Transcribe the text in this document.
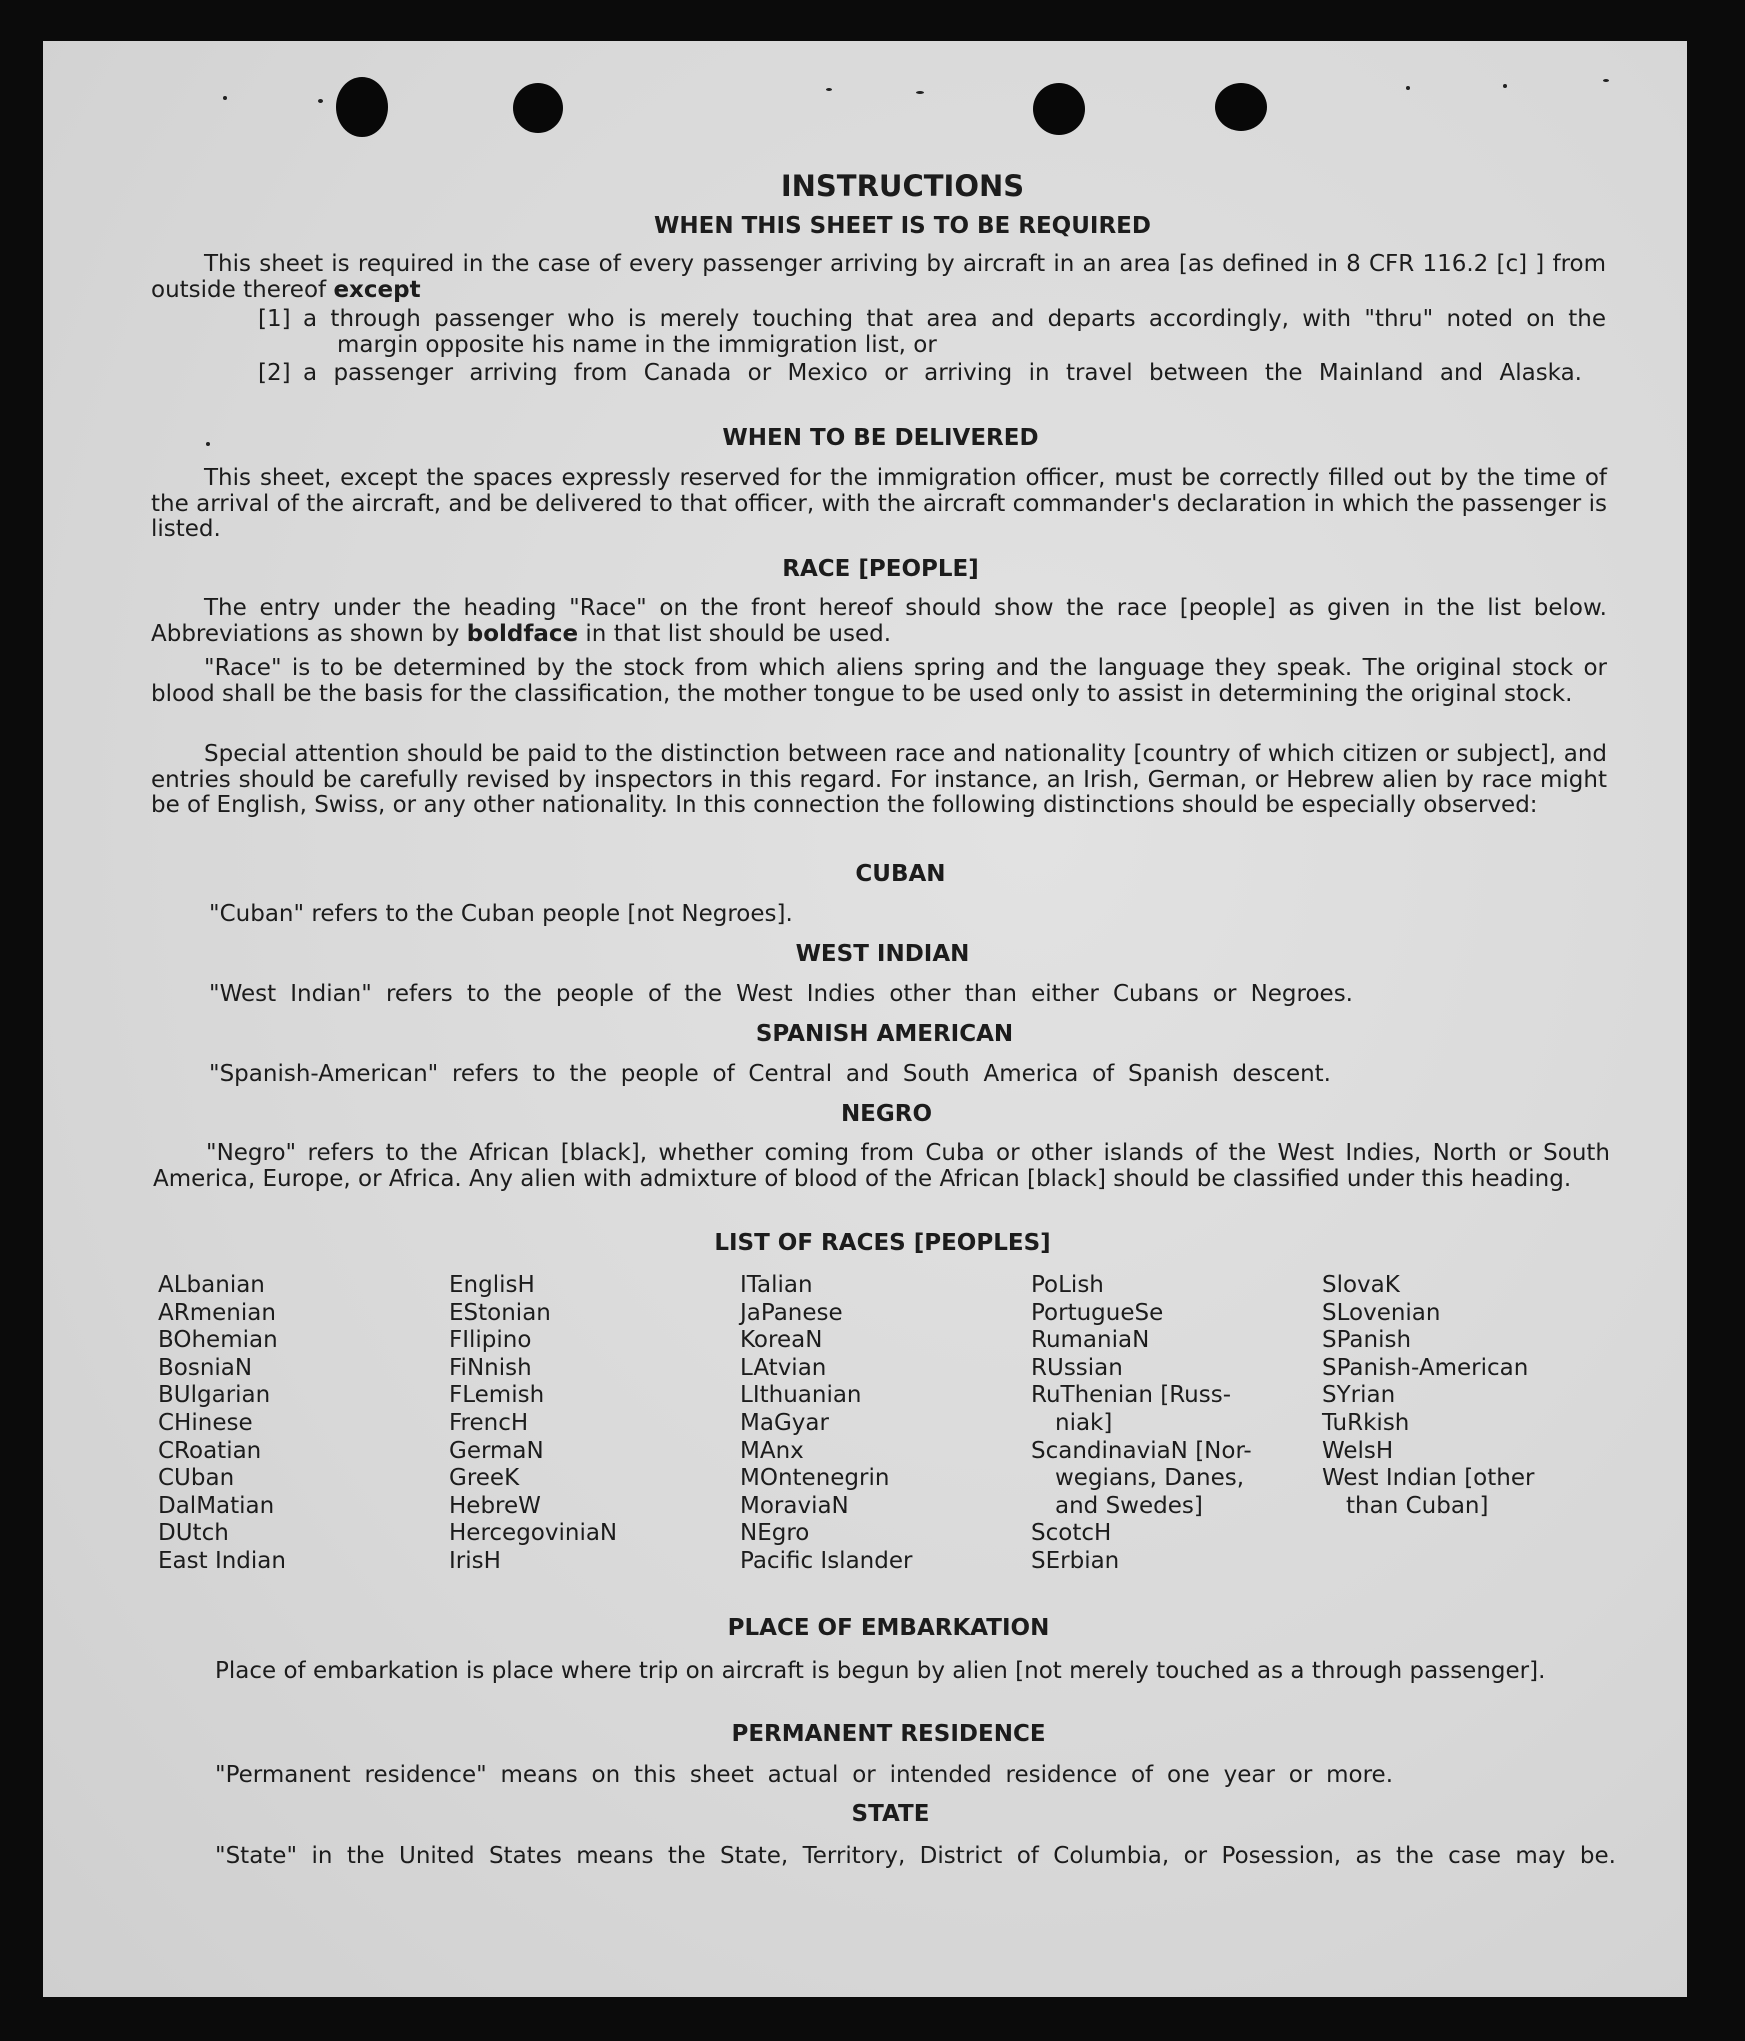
INSTRUCTIONS
WHEN THIS SHEET IS TO BE REQUIRED
This sheet is required in the case of every passenger arriving by aircraft in an area [as defined in 8 CFR 116.2 [c] ] from outside thereof except
[1] a through passenger who is merely touching that area and departs accordingly, with "thru" noted on the
margin opposite his name in the immigration list, or
[2] a passenger arriving from Canada or Mexico or arriving in travel between the Mainland and Alaska.
WHEN TO BE DELIVERED
This sheet, except the spaces expressly reserved for the immigration officer, must be correctly filled out by the time of the arrival of the aircraft, and be delivered to that officer, with the aircraft commander's declaration in which the passenger is listed.
RACE [PEOPLE]
The entry under the heading "Race" on the front hereof should show the race [people] as given in the list below. Abbreviations as shown by boldface in that list should be used.
"Race" is to be determined by the stock from which aliens spring and the language they speak. The original stock or blood shall be the basis for the classification, the mother tongue to be used only to assist in determining the original stock.
Special attention should be paid to the distinction between race and nationality [country of which citizen or subject], and entries should be carefully revised by inspectors in this regard. For instance, an Irish, German, or Hebrew alien by race might be of English, Swiss, or any other nationality. In this connection the following distinctions should be especially observed:
CUBAN
"Cuban" refers to the Cuban people [not Negroes].
WEST INDIAN
"West Indian" refers to the people of the West Indies other than either Cubans or Negroes.
SPANISH AMERICAN
"Spanish-American" refers to the people of Central and South America of Spanish descent.
NEGRO
"Negro" refers to the African [black], whether coming from Cuba or other islands of the West Indies, North or South America, Europe, or Africa. Any alien with admixture of blood of the African [black] should be classified under this heading.
LIST OF RACES [PEOPLES]
ALbanian
ARmenian
BOhemian
BosniaN
BUlgarian
CHinese
CRoatian
CUban
DalMatian
DUtch
East Indian
EnglisH
EStonian
FIlipino
FiNnish
FLemish
FrencH
GermaN
GreeK
HebreW
HercegoviniaN
IrisH
ITalian
JaPanese
KoreaN
LAtvian
LIthuanian
MaGyar
MAnx
MOntenegrin
MoraviaN
NEgro
Pacific Islander
PoLish
PortugueSe
RumaniaN
RUssian
RuThenian [Russ-
niak]
ScandinaviaN [Nor-
wegians, Danes,
and Swedes]
ScotcH
SErbian
SlovaK
SLovenian
SPanish
SPanish-American
SYrian
TuRkish
WelsH
West Indian [other
than Cuban]
PLACE OF EMBARKATION
Place of embarkation is place where trip on aircraft is begun by alien [not merely touched as a through passenger].
PERMANENT RESIDENCE
"Permanent residence" means on this sheet actual or intended residence of one year or more.
STATE
"State" in the United States means the State, Territory, District of Columbia, or Posession, as the case may be.
